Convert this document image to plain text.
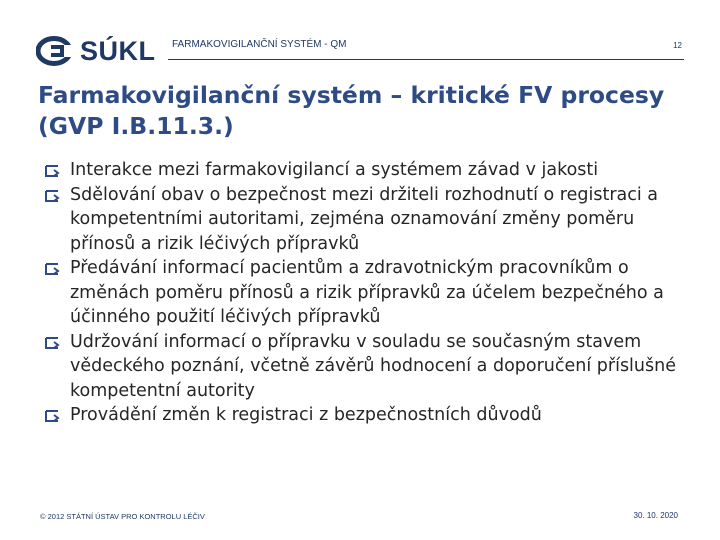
SÚKL FARMAKOVIGILANČNÍ SYSTÉM - QM	12
Farmakovigilanční systém – kritické FV procesy (GVP I.B.11.3.)
Interakce mezi farmakovigilancí a systémem závad v jakosti
Sdělování obav o bezpečnost mezi držiteli rozhodnutí o registraci a kompetentními autoritami, zejména oznamování změny poměru přínosů a rizik léčivých přípravků
Předávání informací pacientům a zdravotnickým pracovníkům o změnách poměru přínosů a rizik přípravků za účelem bezpečného a účinného použití léčivých přípravků
Udržování informací o přípravku v souladu se současným stavem vědeckého poznání, včetně závěrů hodnocení a doporučení příslušné kompetentní autority
Provádění změn k registraci z bezpečnostních důvodů
© 2012 STÁTNÍ ÚSTAV PRO KONTROLU LÉČIV	30. 10. 2020
